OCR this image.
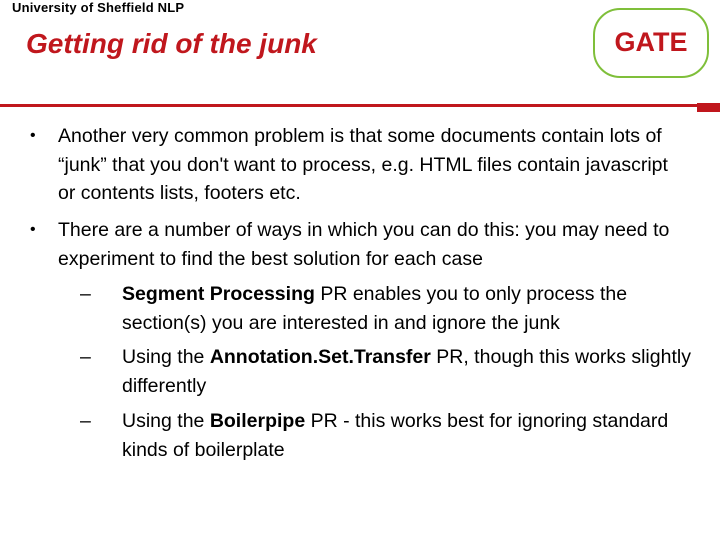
University of Sheffield NLP
Getting rid of the junk	GATE
• Another very common problem is that some documents contain lots of “junk” that you don't want to process, e.g. HTML files contain javascript or contents lists, footers etc.
• There are a number of ways in which you can do this: you may need to experiment to find the best solution for each case
– Segment Processing PR enables you to only process the section(s) you are interested in and ignore the junk
– Using the Annotation.Set.Transfer PR, though this works slightly differently
– Using the Boilerpipe PR - this works best for ignoring standard kinds of boilerplate
